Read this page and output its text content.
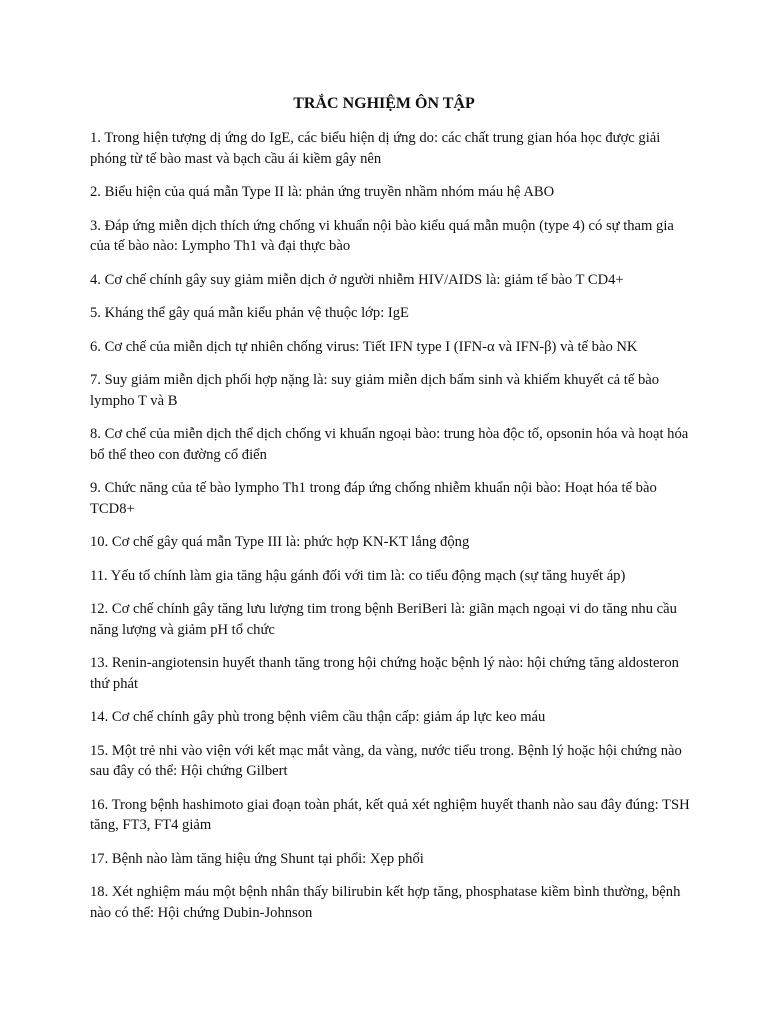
TRẮC NGHIỆM ÔN TẬP
1. Trong hiện tượng dị ứng do IgE, các biểu hiện dị ứng do: các chất trung gian hóa học được giải phóng từ tế bào mast và bạch cầu ái kiềm gây nên
2. Biểu hiện của quá mẫn Type II là: phản ứng truyền nhầm nhóm máu hệ ABO
3. Đáp ứng miễn dịch thích ứng chống vi khuẩn nội bào kiểu quá mẫn muộn (type 4) có sự tham gia của tế bào nào: Lympho Th1 và đại thực bào
4. Cơ chế chính gây suy giảm miễn dịch ở người nhiễm HIV/AIDS là: giảm tế bào T CD4+
5. Kháng thể gây quá mẫn kiểu phản vệ thuộc lớp: IgE
6. Cơ chế của miễn dịch tự nhiên chống virus: Tiết IFN type I (IFN-α và IFN-β) và tế bào NK
7. Suy giảm miễn dịch phối hợp nặng là: suy giảm miễn dịch bẩm sinh và khiếm khuyết cả tế bào lympho T và B
8. Cơ chế của miễn dịch thể dịch chống vi khuẩn ngoại bào: trung hòa độc tố, opsonin hóa và hoạt hóa bổ thể theo con đường cổ điển
9. Chức năng của tế bào lympho Th1 trong đáp ứng chống nhiễm khuẩn nội bào: Hoạt hóa tế bào TCD8+
10. Cơ chế gây quá mẫn Type III là: phức hợp KN-KT lắng động
11. Yếu tố chính làm gia tăng hậu gánh đối với tim là: co tiểu động mạch (sự tăng huyết áp)
12. Cơ chế chính gây tăng lưu lượng tim trong bệnh BeriBeri là: giãn mạch ngoại vi do tăng nhu cầu năng lượng và giảm pH tổ chức
13. Renin-angiotensin huyết thanh tăng trong hội chứng hoặc bệnh lý nào: hội chứng tăng aldosteron thứ phát
14. Cơ chế chính gây phù trong bệnh viêm cầu thận cấp: giảm áp lực keo máu
15. Một trẻ nhi vào viện với kết mạc mắt vàng, da vàng, nước tiểu trong. Bệnh lý hoặc hội chứng nào sau đây có thể: Hội chứng Gilbert
16. Trong bệnh hashimoto giai đoạn toàn phát, kết quả xét nghiệm huyết thanh nào sau đây đúng: TSH tăng, FT3, FT4 giảm
17. Bệnh nào làm tăng hiệu ứng Shunt tại phổi: Xẹp phổi
18. Xét nghiệm máu một bệnh nhân thấy bilirubin kết hợp tăng, phosphatase kiềm bình thường, bệnh nào có thể: Hội chứng Dubin-Johnson
